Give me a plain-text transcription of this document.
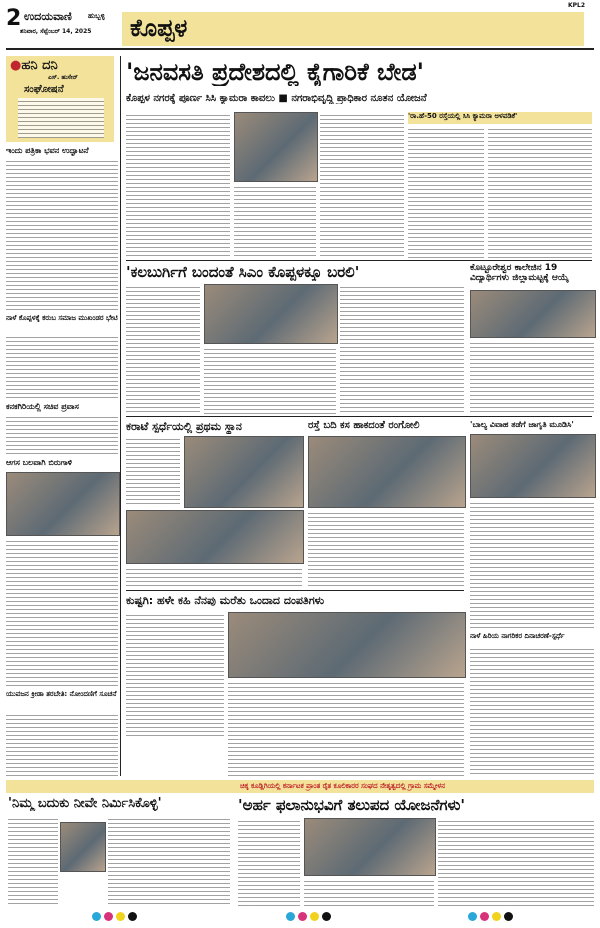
2 ಉದಯವಾಣಿ ಹುಬ್ಬಳ್ಳಿ
ಶನಿವಾರ, ಸೆಪ್ಟೆಂಬರ್ 14, 2025 ಕೊಪ್ಪಳ
KPL2
●ಹನಿ ದನಿ
ಎಸ್. ಹುಸೇನ್
ಸಂಘೋಷನೆ
ಇಂದು ಪತ್ರಿಕಾ ಭವನ ಉದ್ಘಾಟನೆ
ನಾಳೆ ಕೊಪ್ಪಳಕ್ಕೆ ಕರುಬ ಸಮಾಜ ಮುಖಂಡರ ಭೇಟಿ
ಕನಕಗಿರಿಯಲ್ಲಿ ಸಚಿವ ಪ್ರವಾಸ
ಆಗಸ ಬಲವಾಗಿ ಬಿರುಗಾಳಿ
ಯುವಜನ ಕ್ರೀಡಾ ತರಬೇತಿ: ನೋಂದಣಿಗೆ ಸೂಚನೆ
'ಜನವಸತಿ ಪ್ರದೇಶದಲ್ಲಿ ಕೈಗಾರಿಕೆ ಬೇಡ'
ಕೊಪ್ಪಳ ನಗರಕ್ಕೆ ಪೂರ್ಣ ಸಿಸಿ ಕ್ಯಾಮರಾ ಕಾವಲು ■ ನಗರಾಭಿವೃದ್ಧಿ ಪ್ರಾಧಿಕಾರ ನೂತನ ಯೋಜನೆ
'ರಾ.ಹೆ-50 ರಸ್ತೆಯಲ್ಲಿ ಸಿಸಿ ಕ್ಯಾಮರಾ ಅಳವಡಿಕೆ'
'ಕಲಬುರ್ಗಿಗೆ ಬಂದಂತೆ ಸಿಎಂ ಕೊಪ್ಪಳಕ್ಕೂ ಬರಲಿ'	ಕೊಟ್ಟೂರೇಶ್ವರ ಕಾಲೇಜಿನ 19 ವಿದ್ಯಾರ್ಥಿಗಳು ಜಿಲ್ಲಾಮಟ್ಟಕ್ಕೆ ಆಯ್ಕೆ
ಕರಾಟೆ ಸ್ಪರ್ಧೆಯಲ್ಲಿ ಪ್ರಥಮ ಸ್ಥಾನ	ರಸ್ತೆ ಬದಿ ಕಸ ಹಾಕದಂತೆ ರಂಗೋಲಿ	'ಬಾಲ್ಯ ವಿವಾಹ ತಡೆಗೆ ಜಾಗೃತಿ ಮೂಡಿಸಿ'
ಕುಷ್ಟಗಿ: ಹಳೇ ಕಹಿ ನೆನಪು ಮರೆತು ಒಂದಾದ ದಂಪತಿಗಳು
ನಾಳೆ ಹಿರಿಯ ನಾಗರಿಕರ ದಿನಾಚರಣೆ-ಸ್ಪರ್ಧೆ
ಚಿಕ್ಕ ಕೂಡ್ಲಿಗಿಯಲ್ಲಿ ಕರ್ನಾಟಕ ಪ್ರಾಂತ ರೈತ ಕೂಲಿಕಾರರ ಸಂಘದ ನೇತೃತ್ವದಲ್ಲಿ ಗ್ರಾಮ ಸಮ್ಮೇಳನ
'ನಿಮ್ಮ ಬದುಕು ನೀವೇ ನಿರ್ಮಿಸಿಕೊಳ್ಳಿ'	'ಅರ್ಹ ಫಲಾನುಭವಿಗೆ ತಲುಪದ ಯೋಜನೆಗಳು'
